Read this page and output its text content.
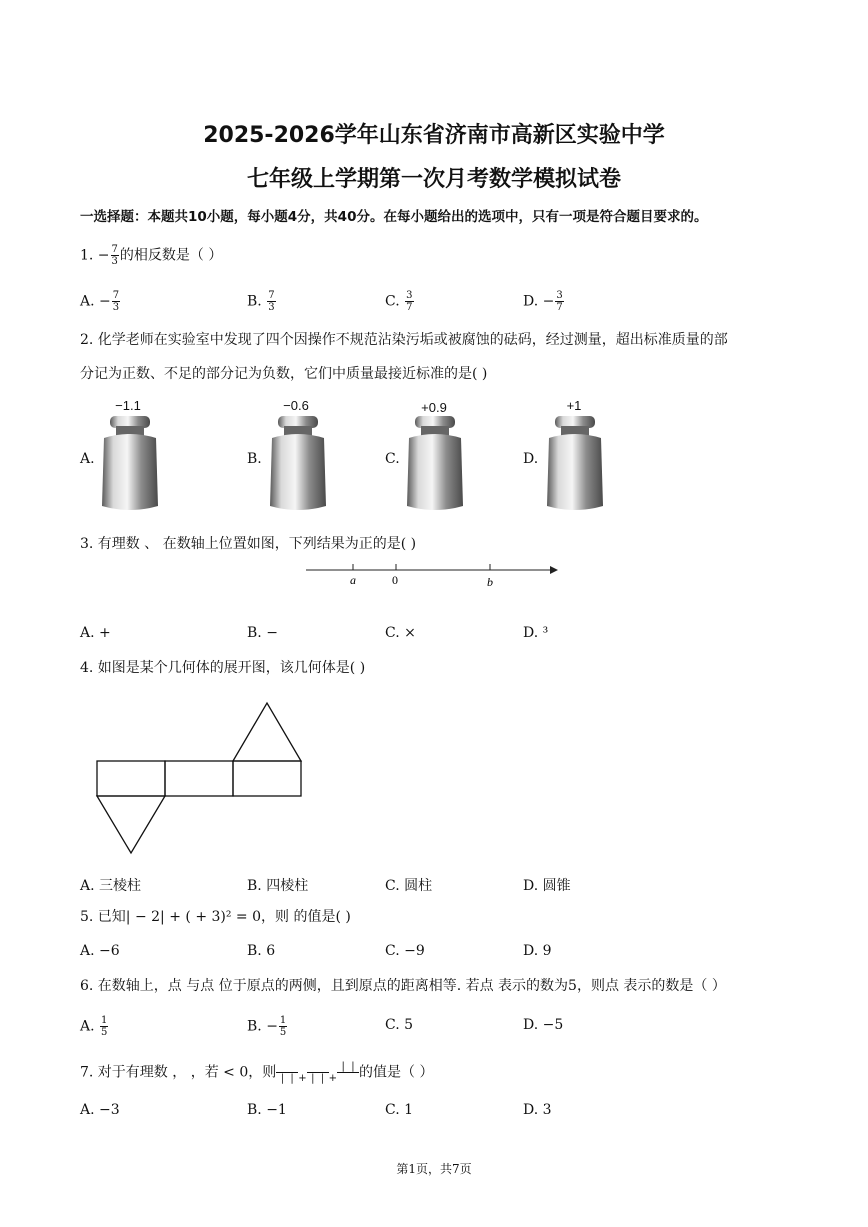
2025-2026学年山东省济南市高新区实验中学
七年级上学期第一次月考数学模拟试卷
一选择题：本题共10小题，每小题4分，共40分。在每小题给出的选项中，只有一项是符合题目要求的。
1. − $\frac{7}{3}$ 的相反数是（ ）
A. − $\frac{7}{3}$	B. $\frac{7}{3}$	C. $\frac{3}{7}$	D. − $\frac{3}{7}$
2. 化学老师在实验室中发现了四个因操作不规范沾染污垢或被腐蚀的砝码，经过测量，超出标准质量的部
分记为正数、不足的部分记为负数，它们中质量最接近标准的是( )
A.
−1.1
B.
−0.6
C.
+0.9
D.
+1
3. 有理数 、 在数轴上位置如图，下列结果为正的是( )
a	0	b
A. +	B. −	C. ×	D. ³
4. 如图是某个几何体的展开图，该几何体是( )
A. 三棱柱	B. 四棱柱	C. 圆柱	D. 圆锥
5. 已知| − 2| + ( + 3)² = 0，则 的值是( )
A. −6	B. 6	C. −9	D. 9
6. 在数轴上，点 与点 位于原点的两侧，且到原点的距离相等. 若点 表示的数为5，则点 表示的数是（ ）
A. $\frac{1}{5}$	B. − $\frac{1}{5}$	C. 5	D. −5
7. 对于有理数 ， ，若 < 0，则
|  | +
|  | +
|  |
的值是（ ）
A. −3	B. −1	C. 1	D. 3
第1页，共7页
